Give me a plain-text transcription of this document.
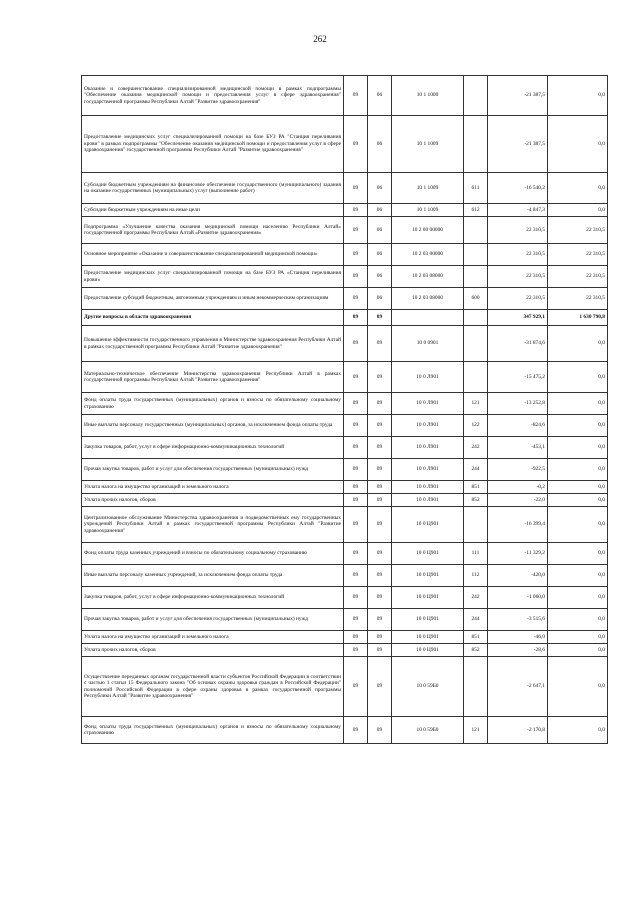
262
Оказание и совершенствование специализированной медицинской помощи в рамках подпрограммы "Обеспечение оказания медицинской помощи и предоставления услуг в сфере здравоохранения" государственной программы Республики Алтай "Развитие здравоохранения"	09	06	10 1 1000		-21 387,5	0,0
Предоставление медицинских услуг специализированной помощи на базе БУЗ РА "Станция переливания крови" в рамках подпрограммы "Обеспечение оказания медицинской помощи и предоставления услуг в сфере здравоохранения" государственной программы Республики Алтай "Развитие здравоохранения"	09	06	10 1 1009		-21 387,5	0,0
Субсидии бюджетным учреждениям на финансовое обеспечение государственного (муниципального) задания на оказание государственных (муниципальных) услуг (выполнение работ)	09	06	10 1 1009	611	-16 540,2	0,0
Субсидии бюджетным учреждениям на иные цели	09	06	10 1 1009	612	-4 847,3	0,0
Подпрограмма «Улучшение качества оказания медицинской помощи населению Республики Алтай» государственной программы Республики Алтай «Развитие здравоохранения»	09	06	10 2 00 00000		22 310,5	22 310,5
Основное мероприятие «Оказание и совершенствование специализированной медицинской помощи»	09	06	10 2 03 00000		22 310,5	22 310,5
Предоставление медицинских услуг специализированной помощи на базе БУЗ РА «Станция переливания крови»	09	06	10 2 03 08000		22 310,5	22 310,5
Предоставление субсидий бюджетным, автономным учреждениям и иным некоммерческим организациям	09	06	10 2 03 08000	600	22 310,5	22 310,5
Другие вопросы в области здравоохранения	09	09			347 929,1	1 630 790,8
Повышение эффективности государственного управления в Министерстве здравоохранения Республики Алтай в рамках государственной программы Республики Алтай "Развитие здравоохранения"	09	09	10 0 0901		-31 874,6	0,0
Материально-техническое обеспечение Министерства здравоохранения Республики Алтай в рамках государственной программы Республики Алтай "Развитие здравоохранения"	09	09	10 0 Л901		-15 475,2	0,0
Фонд оплаты труда государственных (муниципальных) органов и взносы по обязательному социальному страхованию	09	09	10 0 Л901	121	-13 252,8	0,0
Иные выплаты персоналу государственных (муниципальных) органов, за исключением фонда оплаты труда	09	09	10 0 Л901	122	-824,6	0,0
Закупка товаров, работ, услуг в сфере информационно-коммуникационных технологий	09	09	10 0 Л901	242	-453,1	0,0
Прочая закупка товаров, работ и услуг для обеспечения государственных (муниципальных) нужд	09	09	10 0 Л901	244	-922,5	0,0
Уплата налога на имущество организаций и земельного налога	09	09	10 0 Л901	851	-0,2	0,0
Уплата прочих налогов, сборов	09	09	10 0 Л901	852	-22,0	0,0
Централизованное обслуживание Министерства здравоохранения и подведомственных ему государственных учреждений Республики Алтай в рамках государственной программы Республики Алтай "Развитие здравоохранения"	09	09	10 0 Ц901		-16 399,4	0,0
Фонд оплаты труда казенных учреждений и взносы по обязательному социальному страхованию	09	09	10 0 Ц901	111	-11 329,2	0,0
Иные выплаты персоналу казенных учреждений, за исключением фонда оплаты труда	09	09	10 0 Ц901	112	-420,0	0,0
Закупка товаров, работ, услуг в сфере информационно-коммуникационных технологий	09	09	10 0 Ц901	242	-1 060,0	0,0
Прочая закупка товаров, работ и услуг для обеспечения государственных (муниципальных) нужд	09	09	10 0 Ц901	244	-3 515,6	0,0
Уплата налога на имущество организаций и земельного налога	09	09	10 0 Ц901	851	-46,0	0,0
Уплата прочих налогов, сборов	09	09	10 0 Ц901	852	-28,6	0,0
Осуществление переданных органам государственной власти субъектов Российской Федерации в соответствии с частью 1 статьи 15 Федерального закона "Об основах охраны здоровья граждан в Российской Федерации" полномочий Российской Федерации в сфере охраны здоровья в рамках государственной программы Республики Алтай "Развитие здравоохранения"	09	09	10 0 59Б0		-2 647,1	0,0
Фонд оплаты труда государственных (муниципальных) органов и взносы по обязательному социальному страхованию	09	09	10 0 59Б0	121	-2 170,8	0,0
